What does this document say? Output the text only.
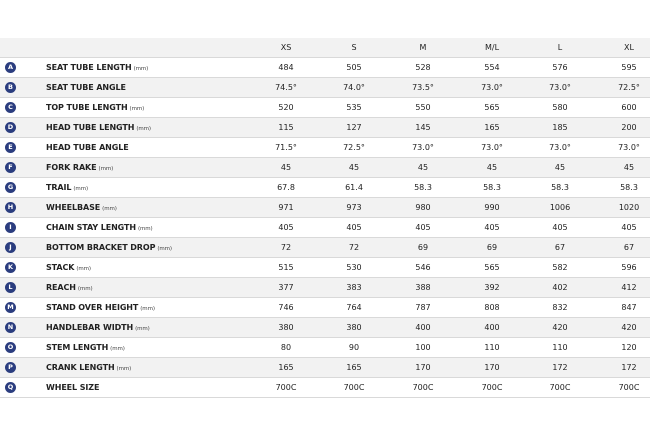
XS	S	M	M/L	L	XL
A	SEAT TUBE LENGTH (mm)	484	505	528	554	576	595
B	SEAT TUBE ANGLE	74.5°	74.0°	73.5°	73.0°	73.0°	72.5°
C	TOP TUBE LENGTH (mm)	520	535	550	565	580	600
D	HEAD TUBE LENGTH (mm)	115	127	145	165	185	200
E	HEAD TUBE ANGLE	71.5°	72.5°	73.0°	73.0°	73.0°	73.0°
F	FORK RAKE (mm)	45	45	45	45	45	45
G	TRAIL (mm)	67.8	61.4	58.3	58.3	58.3	58.3
H	WHEELBASE (mm)	971	973	980	990	1006	1020
I	CHAIN STAY LENGTH (mm)	405	405	405	405	405	405
J	BOTTOM BRACKET DROP (mm)	72	72	69	69	67	67
K	STACK (mm)	515	530	546	565	582	596
L	REACH (mm)	377	383	388	392	402	412
M	STAND OVER HEIGHT (mm)	746	764	787	808	832	847
N	HANDLEBAR WIDTH (mm)	380	380	400	400	420	420
O	STEM LENGTH (mm)	80	90	100	110	110	120
P	CRANK LENGTH (mm)	165	165	170	170	172	172
Q	WHEEL SIZE	700C	700C	700C	700C	700C	700C
